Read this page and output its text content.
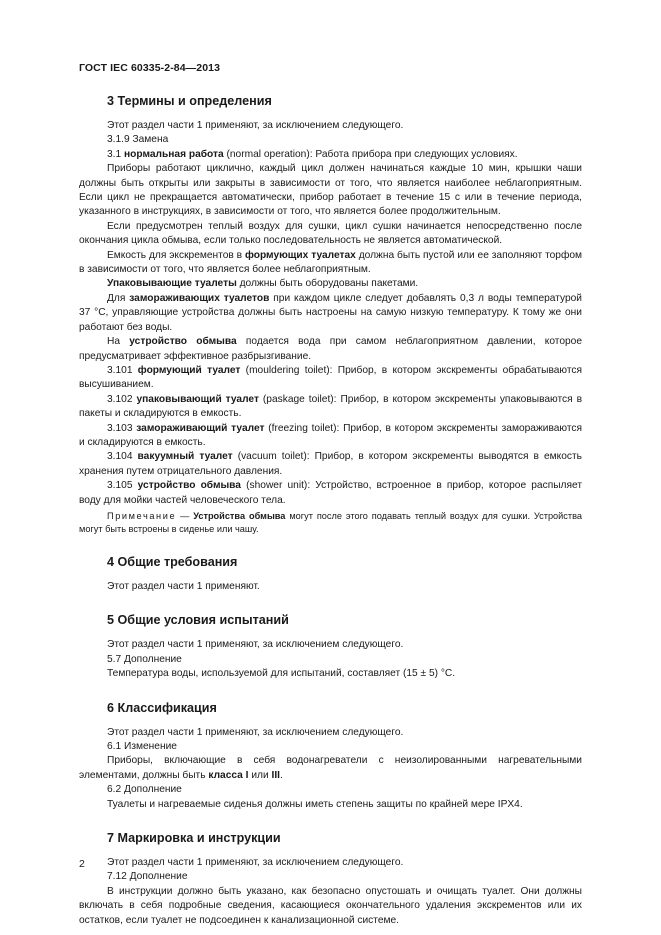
ГОСТ IEC 60335-2-84—2013
3 Термины и определения
Этот раздел части 1 применяют, за исключением следующего.
3.1.9 Замена
3.1 нормальная работа (normal operation): Работа прибора при следующих условиях.
Приборы работают циклично, каждый цикл должен начинаться каждые 10 мин, крышки чаши должны быть открыты или закрыты в зависимости от того, что является наиболее неблагоприятным. Если цикл не прекращается автоматически, прибор работает в течение 15 с или в течение периода, указанного в инструкциях, в зависимости от того, что является более продолжительным.
Если предусмотрен теплый воздух для сушки, цикл сушки начинается непосредственно после окончания цикла обмыва, если только последовательность не является автоматической.
Емкость для экскрементов в формующих туалетах должна быть пустой или ее заполняют торфом в зависимости от того, что является более неблагоприятным.
Упаковывающие туалеты должны быть оборудованы пакетами.
Для замораживающих туалетов при каждом цикле следует добавлять 0,3 л воды температурой 37 °С, управляющие устройства должны быть настроены на самую низкую температуру. К тому же они работают без воды.
На устройство обмыва подается вода при самом неблагоприятном давлении, которое предусматривает эффективное разбрызгивание.
3.101 формующий туалет (mouldering toilet): Прибор, в котором экскременты обрабатываются высушиванием.
3.102 упаковывающий туалет (paskage toilet): Прибор, в котором экскременты упаковываются в пакеты и складируются в емкость.
3.103 замораживающий туалет (freezing toilet): Прибор, в котором экскременты замораживаются и складируются в емкость.
3.104 вакуумный туалет (vacuum toilet): Прибор, в котором экскременты выводятся в емкость хранения путем отрицательного давления.
3.105 устройство обмыва (shower unit): Устройство, встроенное в прибор, которое распыляет воду для мойки частей человеческого тела.
Примечание — Устройства обмыва могут после этого подавать теплый воздух для сушки. Устройства могут быть встроены в сиденье или чашу.
4 Общие требования
Этот раздел части 1 применяют.
5 Общие условия испытаний
Этот раздел части 1 применяют, за исключением следующего.
5.7 Дополнение
Температура воды, используемой для испытаний, составляет (15 ± 5) °С.
6 Классификация
Этот раздел части 1 применяют, за исключением следующего.
6.1 Изменение
Приборы, включающие в себя водонагреватели с неизолированными нагревательными элементами, должны быть класса I или III.
6.2 Дополнение
Туалеты и нагреваемые сиденья должны иметь степень защиты по крайней мере IPX4.
7 Маркировка и инструкции
Этот раздел части 1 применяют, за исключением следующего.
7.12 Дополнение
В инструкции должно быть указано, как безопасно опустошать и очищать туалет. Они должны включать в себя подробные сведения, касающиеся окончательного удаления экскрементов или их остатков, если туалет не подсоединен к канализационной системе.
2
